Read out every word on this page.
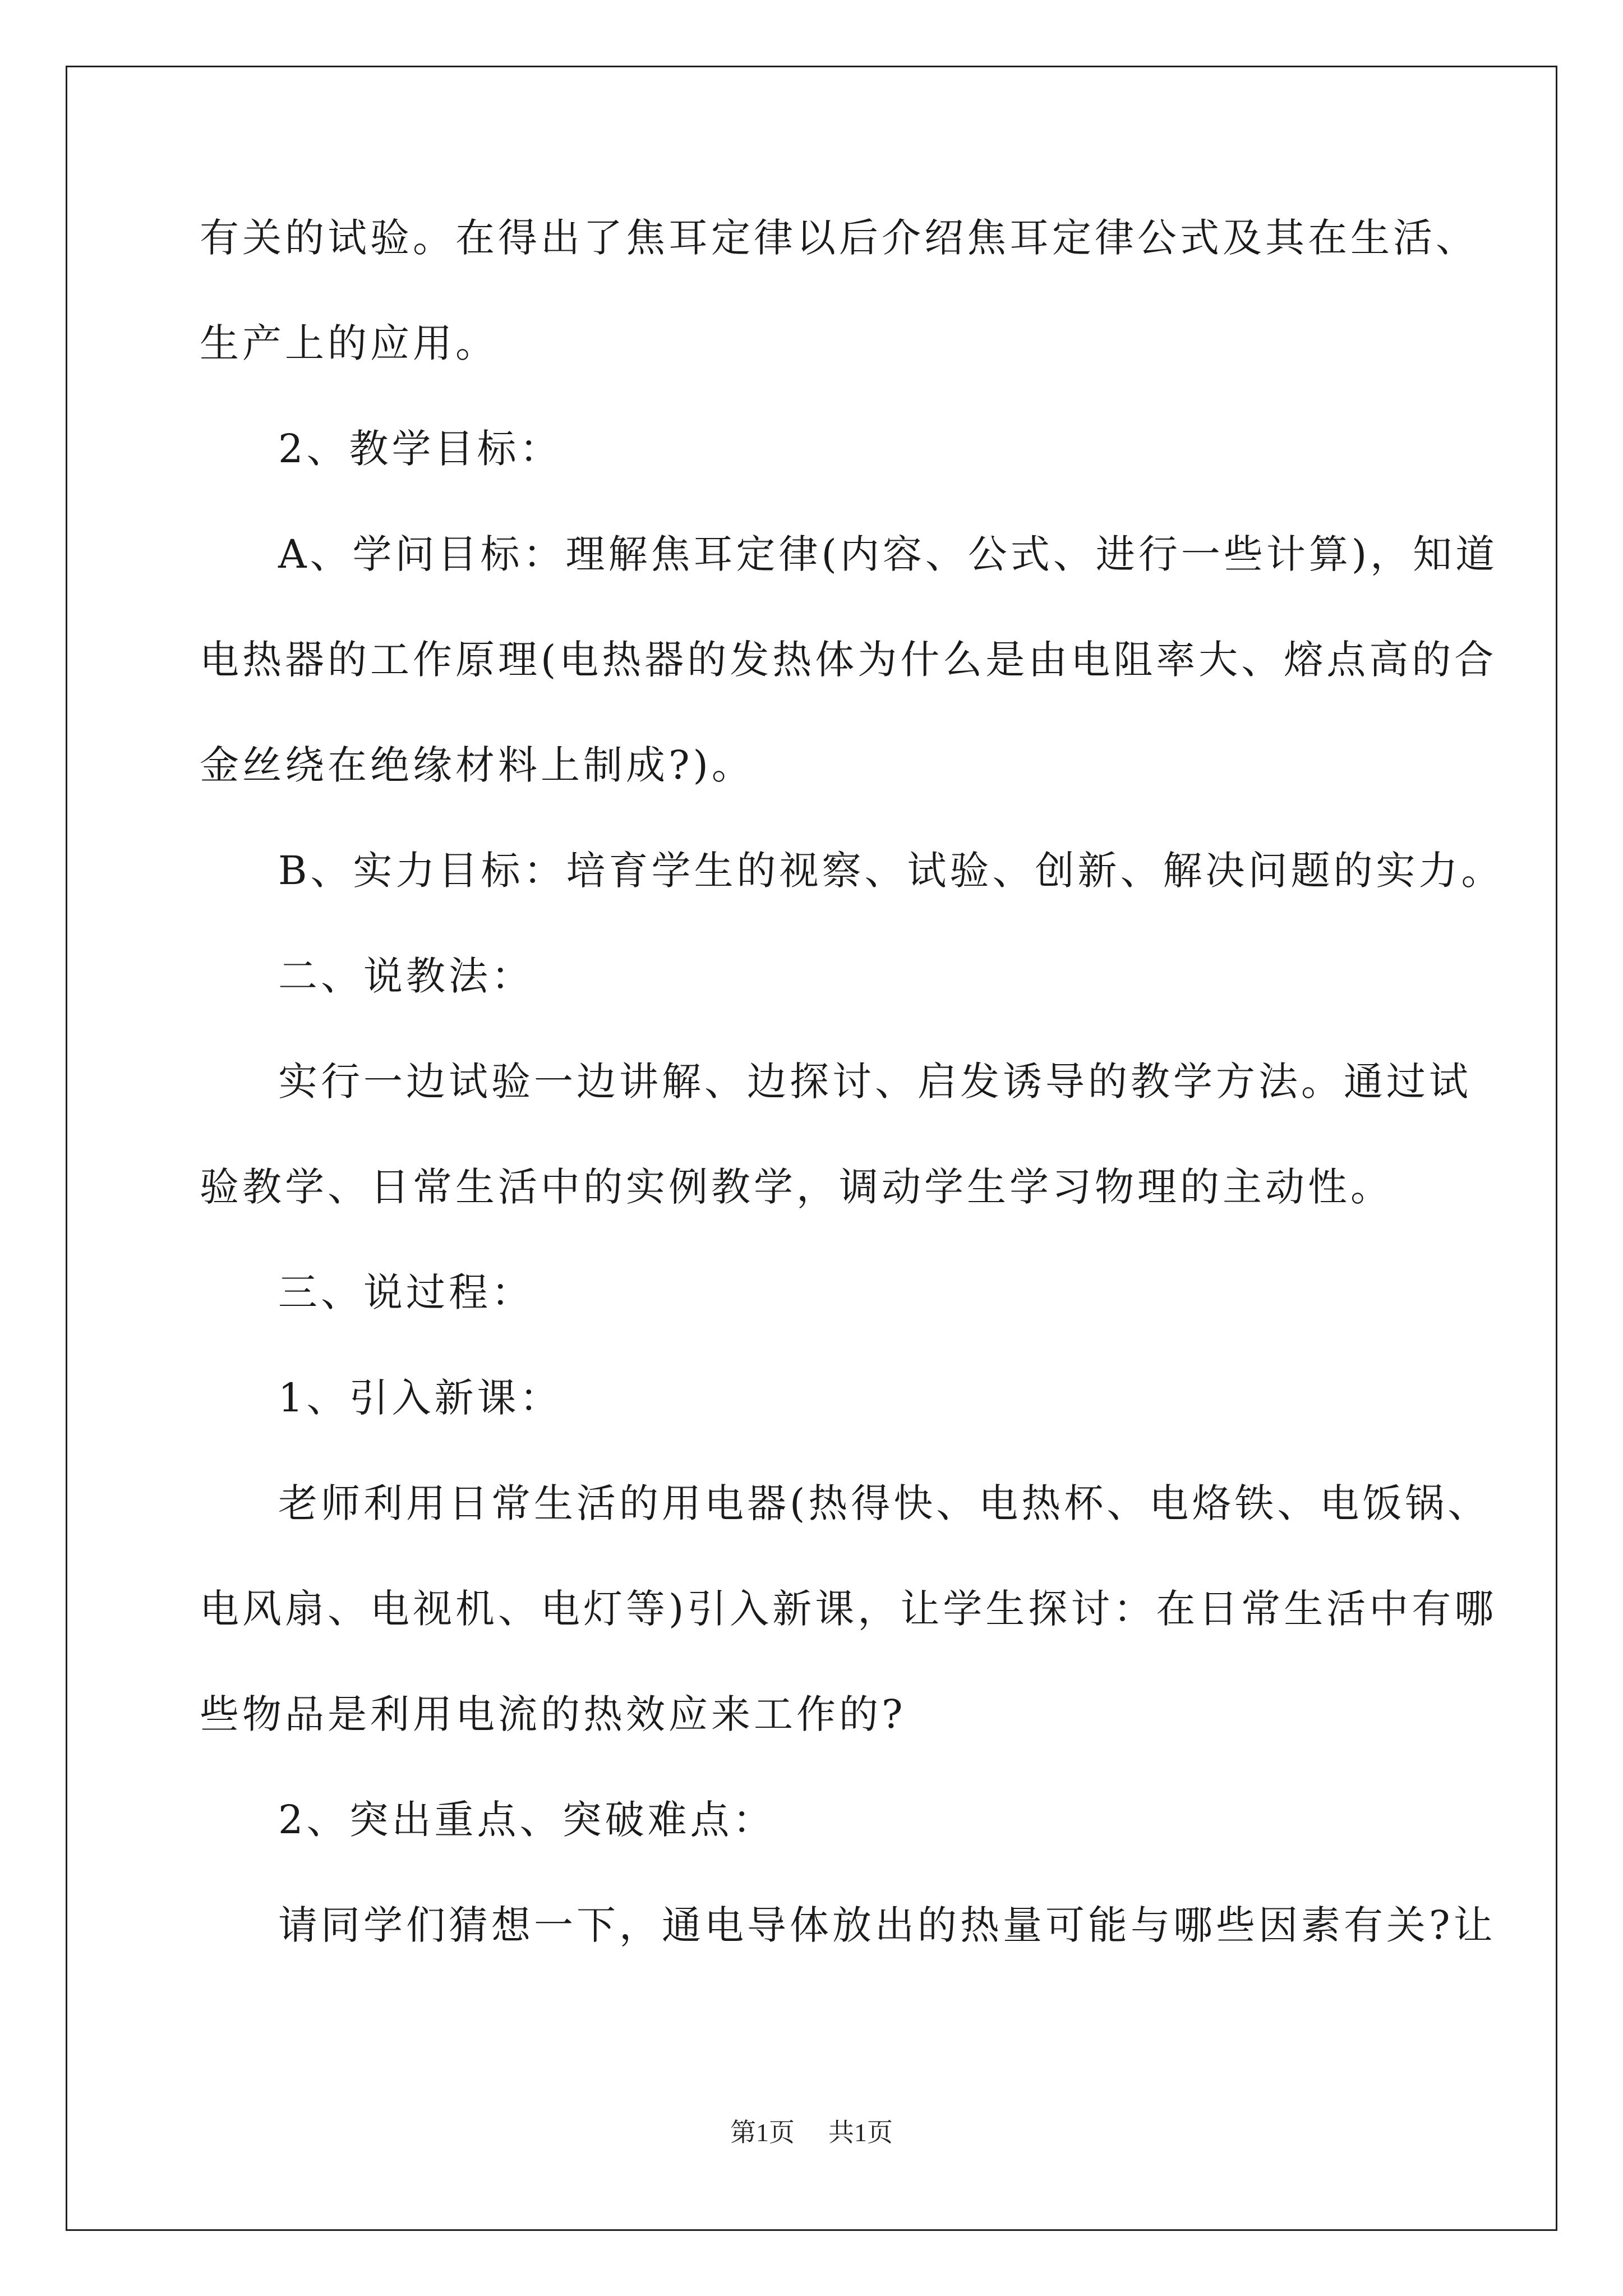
有关的试验。在得出了焦耳定律以后介绍焦耳定律公式及其在生活、
生产上的应用。
2、教学目标：
A、学问目标：理解焦耳定律(内容、公式、进行一些计算)，知道
电热器的工作原理(电热器的发热体为什么是由电阻率大、熔点高的合
金丝绕在绝缘材料上制成?)。
B、实力目标：培育学生的视察、试验、创新、解决问题的实力。
二、说教法：
实行一边试验一边讲解、边探讨、启发诱导的教学方法。通过试
验教学、日常生活中的实例教学，调动学生学习物理的主动性。
三、说过程：
1、引入新课：
老师利用日常生活的用电器(热得快、电热杯、电烙铁、电饭锅、
电风扇、电视机、电灯等)引入新课，让学生探讨：在日常生活中有哪
些物品是利用电流的热效应来工作的?
2、突出重点、突破难点：
请同学们猜想一下，通电导体放出的热量可能与哪些因素有关?让
第1页 共1页
